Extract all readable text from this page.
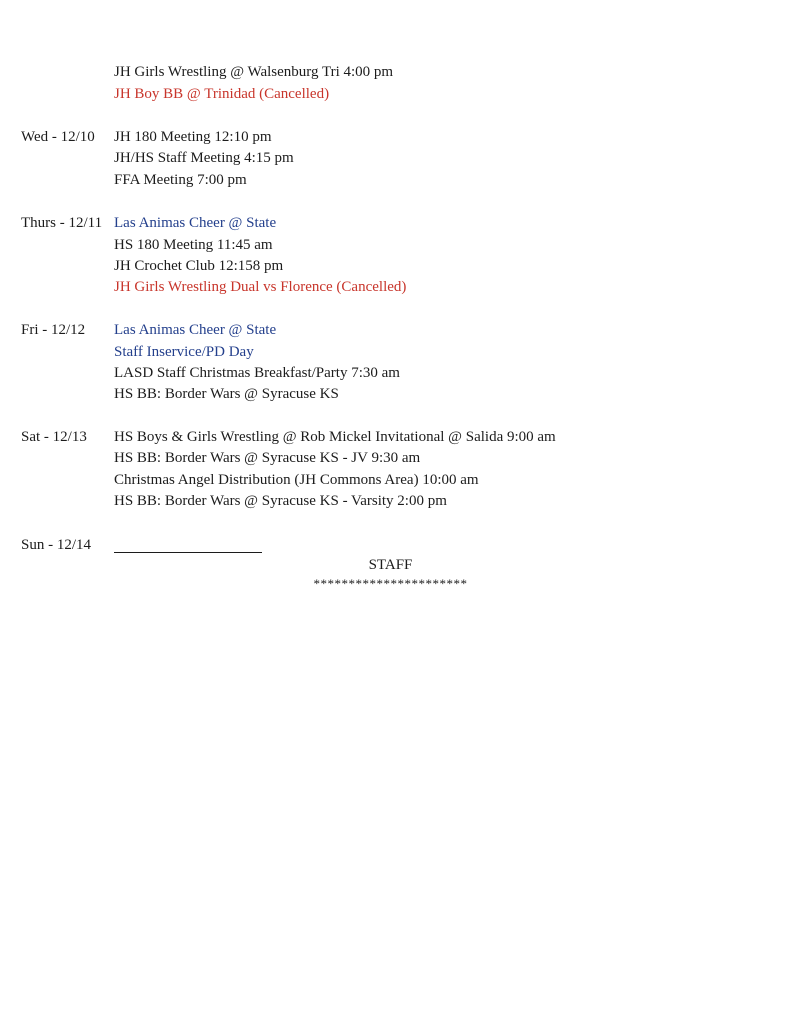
JH Girls Wrestling @ Walsenburg Tri 4:00 pm
JH Boy BB @ Trinidad (Cancelled)
Wed - 12/10 JH 180 Meeting 12:10 pm
JH/HS Staff Meeting 4:15 pm
FFA Meeting 7:00 pm
Thurs - 12/11 Las Animas Cheer @ State
HS 180 Meeting 11:45 am
JH Crochet Club 12:158 pm
JH Girls Wrestling Dual vs Florence (Cancelled)
Fri - 12/12 Las Animas Cheer @ State
Staff Inservice/PD Day
LASD Staff Christmas Breakfast/Party 7:30 am
HS BB: Border Wars @ Syracuse KS
Sat - 12/13 HS Boys & Girls Wrestling @ Rob Mickel Invitational @ Salida 9:00 am
HS BB: Border Wars @ Syracuse KS - JV 9:30 am
Christmas Angel Distribution (JH Commons Area) 10:00 am
HS BB: Border Wars @ Syracuse KS - Varsity 2:00 pm
Sun - 12/14
STAFF
**********************
